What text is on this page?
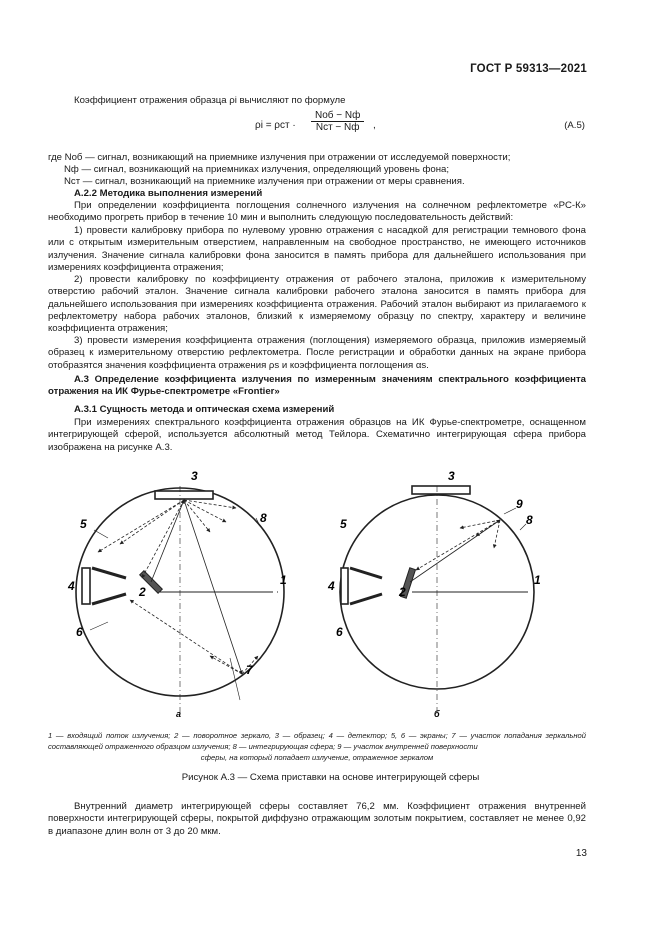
ГОСТ Р 59313—2021
Коэффициент отражения образца ρi вычисляют по формуле
ρi = ρст ·
Nоб − Nф
Nст − Nф	,	(A.5)
где Nоб — сигнал, возникающий на приемнике излучения при отражении от исследуемой поверхности;
Nф — сигнал, возникающий на приемниках излучения, определяющий уровень фона;
Nст — сигнал, возникающий на приемнике излучения при отражении от меры сравнения.
А.2.2 Методика выполнения измерений
При определении коэффициента поглощения солнечного излучения на солнечном рефлектометре «РС-К» необходимо прогреть прибор в течение 10 мин и выполнить следующую последовательность действий:
1) провести калибровку прибора по нулевому уровню отражения с насадкой для регистрации темнового фона или с открытым измерительным отверстием, направленным на свободное пространство, не имеющего источников излучения. Значение сигнала калибровки фона заносится в память прибора для дальнейшего использования при измерениях коэффициента отражения;
2) провести калибровку по коэффициенту отражения от рабочего эталона, приложив к измерительному отверстию рабочий эталон. Значение сигнала калибровки рабочего эталона заносится в память прибора для дальнейшего использования при измерениях коэффициента отражения. Рабочий эталон выбирают из прилагаемого к рефлектометру набора рабочих эталонов, близкий к измеряемому образцу по спектру, характеру и величине коэффициента отражения;
3) провести измерения коэффициента отражения (поглощения) измеряемого образца, приложив измеряемый образец к измерительному отверстию рефлектометра. После регистрации и обработки данных на экране прибора отобразятся значения коэффициента отражения ρs и коэффициента поглощения αs.
А.3 Определение коэффициента излучения по измеренным значениям спектрального коэффициента отражения на ИК Фурье-спектрометре «Frontier»
А.3.1 Сущность метода и оптическая схема измерений
При измерениях спектрального коэффициента отражения образцов на ИК Фурье-спектрометре, оснащенном интегрирующей сферой, используется абсолютный метод Тейлора. Схематично интегрирующая сфера прибора изображена на рисунке А.3.
3
8
5
4	2
1
6
7
а
3
9
8
5
4	2
1
6
б
1 — входящий поток излучения; 2 — поворотное зеркало, 3 — образец; 4 — детектор; 5, 6 — экраны; 7 — участок попадания зеркальной составляющей отраженного образцом излучения; 8 — интегрирующая сфера; 9 — участок внутренней поверхности
сферы, на который попадает излучение, отраженное зеркалом
Рисунок А.3 — Схема приставки на основе интегрирующей сферы
Внутренний диаметр интегрирующей сферы составляет 76,2 мм. Коэффициент отражения внутренней поверхности интегрирующей сферы, покрытой диффузно отражающим золотым покрытием, составляет не менее 0,92 в диапазоне длин волн от 3 до 20 мкм.
13
